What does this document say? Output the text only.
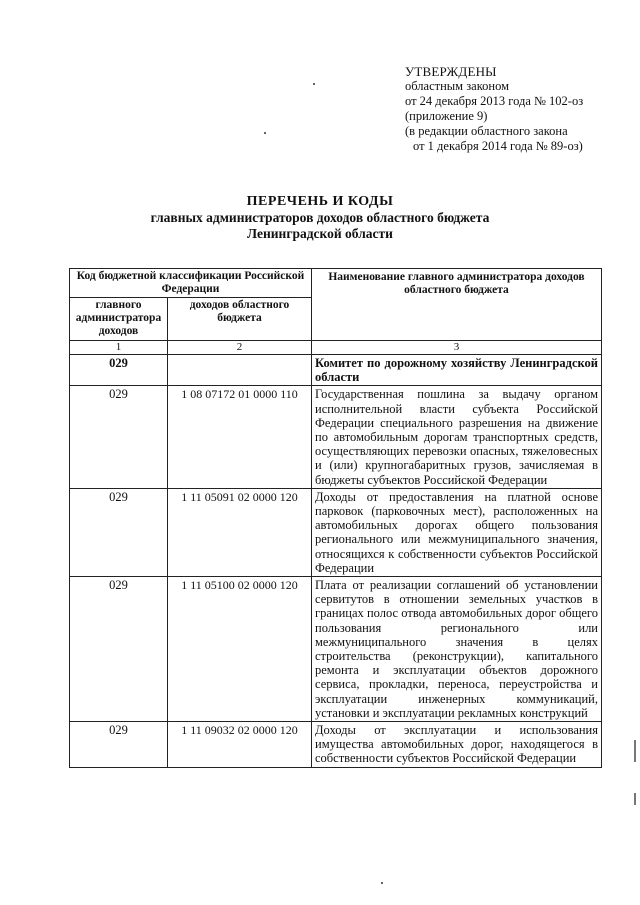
УТВЕРЖДЕНЫ
областным законом
от 24 декабря 2013 года № 102-оз
(приложение 9)
(в редакции областного закона
от 1 декабря 2014 года № 89-оз)
ПЕРЕЧЕНЬ И КОДЫ
главных администраторов доходов областного бюджета
Ленинградской области
Код бюджетной классификации Российской Федерации		Наименование главного администратора доходов областного бюджета
главного администратора доходов	доходов областного бюджета	
1	2	3
029		Комитет по дорожному хозяйству Ленинградской области
029	1 08 07172 01 0000 110	Государственная пошлина за выдачу органом исполнительной власти субъекта Российской Федерации специального разрешения на движение по автомобильным дорогам транспортных средств, осуществляющих перевозки опасных, тяжеловесных и (или) крупногабаритных грузов, зачисляемая в бюджеты субъектов Российской Федерации
029	1 11 05091 02 0000 120	Доходы от предоставления на платной основе парковок (парковочных мест), расположенных на автомобильных дорогах общего пользования регионального или межмуниципального значения, относящихся к собственности субъектов Российской Федерации
029	1 11 05100 02 0000 120	Плата от реализации соглашений об установлении сервитутов в отношении земельных участков в границах полос отвода автомобильных дорог общего пользования регионального или межмуниципального значения в целях строительства (реконструкции), капитального ремонта и эксплуатации объектов дорожного сервиса, прокладки, переноса, переустройства и эксплуатации инженерных коммуникаций, установки и эксплуатации рекламных конструкций
029	1 11 09032 02 0000 120	Доходы от эксплуатации и использования имущества автомобильных дорог, находящегося в собственности субъектов Российской Федерации
